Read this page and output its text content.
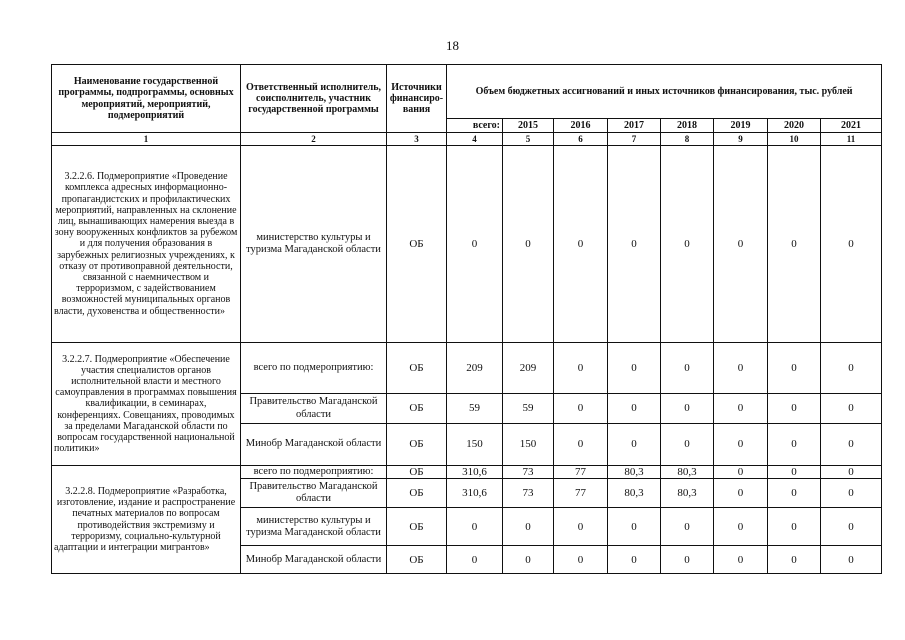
18
Наименование государственной программы, подпрограммы, основных мероприятий, мероприятий, подмероприятий	Ответственный исполнитель, соисполнитель, участник государственной программы	Источники финансиро-вания	Объем бюджетных ассигнований и иных источников финансирования, тыс. рублей							
			всего:	2015	2016	2017	2018	2019	2020	2021
1	2	3	4	5	6	7	8	9	10	11
3.2.2.6. Подмероприятие «Проведение комплекса адресных информационно-пропагандистских и профилактических мероприятий, направленных на склонение лиц, вынашивающих намерения выезда в зону вооруженных конфликтов за рубежом и для получения образования в зарубежных религиозных учреждениях, к отказу от противоправной деятельности, связанной с наемничеством и терроризмом, с задействованием возможностей муниципальных органов власти, духовенства и общественности»	министерство культуры и туризма Магаданской области	ОБ	0	0	0	0	0	0	0	0
3.2.2.7. Подмероприятие «Обеспечение участия специалистов органов исполнительной власти и местного самоуправления в программах повышения квалификации, в семинарах, конференциях. Совещаниях, проводимых за пределами Магаданской области по вопросам государственной национальной политики»	всего по подмероприятию:	ОБ	209	209	0	0	0	0	0	0
	Правительство Магаданской области	ОБ	59	59	0	0	0	0	0	0
	Минобр Магаданской области	ОБ	150	150	0	0	0	0	0	0
3.2.2.8. Подмероприятие «Разработка, изготовление, издание и распространение печатных материалов по вопросам противодействия экстремизму и терроризму, социально-культурной адаптации и интеграции мигрантов»	всего по подмероприятию:	ОБ	310,6	73	77	80,3	80,3	0	0	0
	Правительство Магаданской области	ОБ	310,6	73	77	80,3	80,3	0	0	0
	министерство культуры и туризма Магаданской области	ОБ	0	0	0	0	0	0	0	0
	Минобр Магаданской области	ОБ	0	0	0	0	0	0	0	0
